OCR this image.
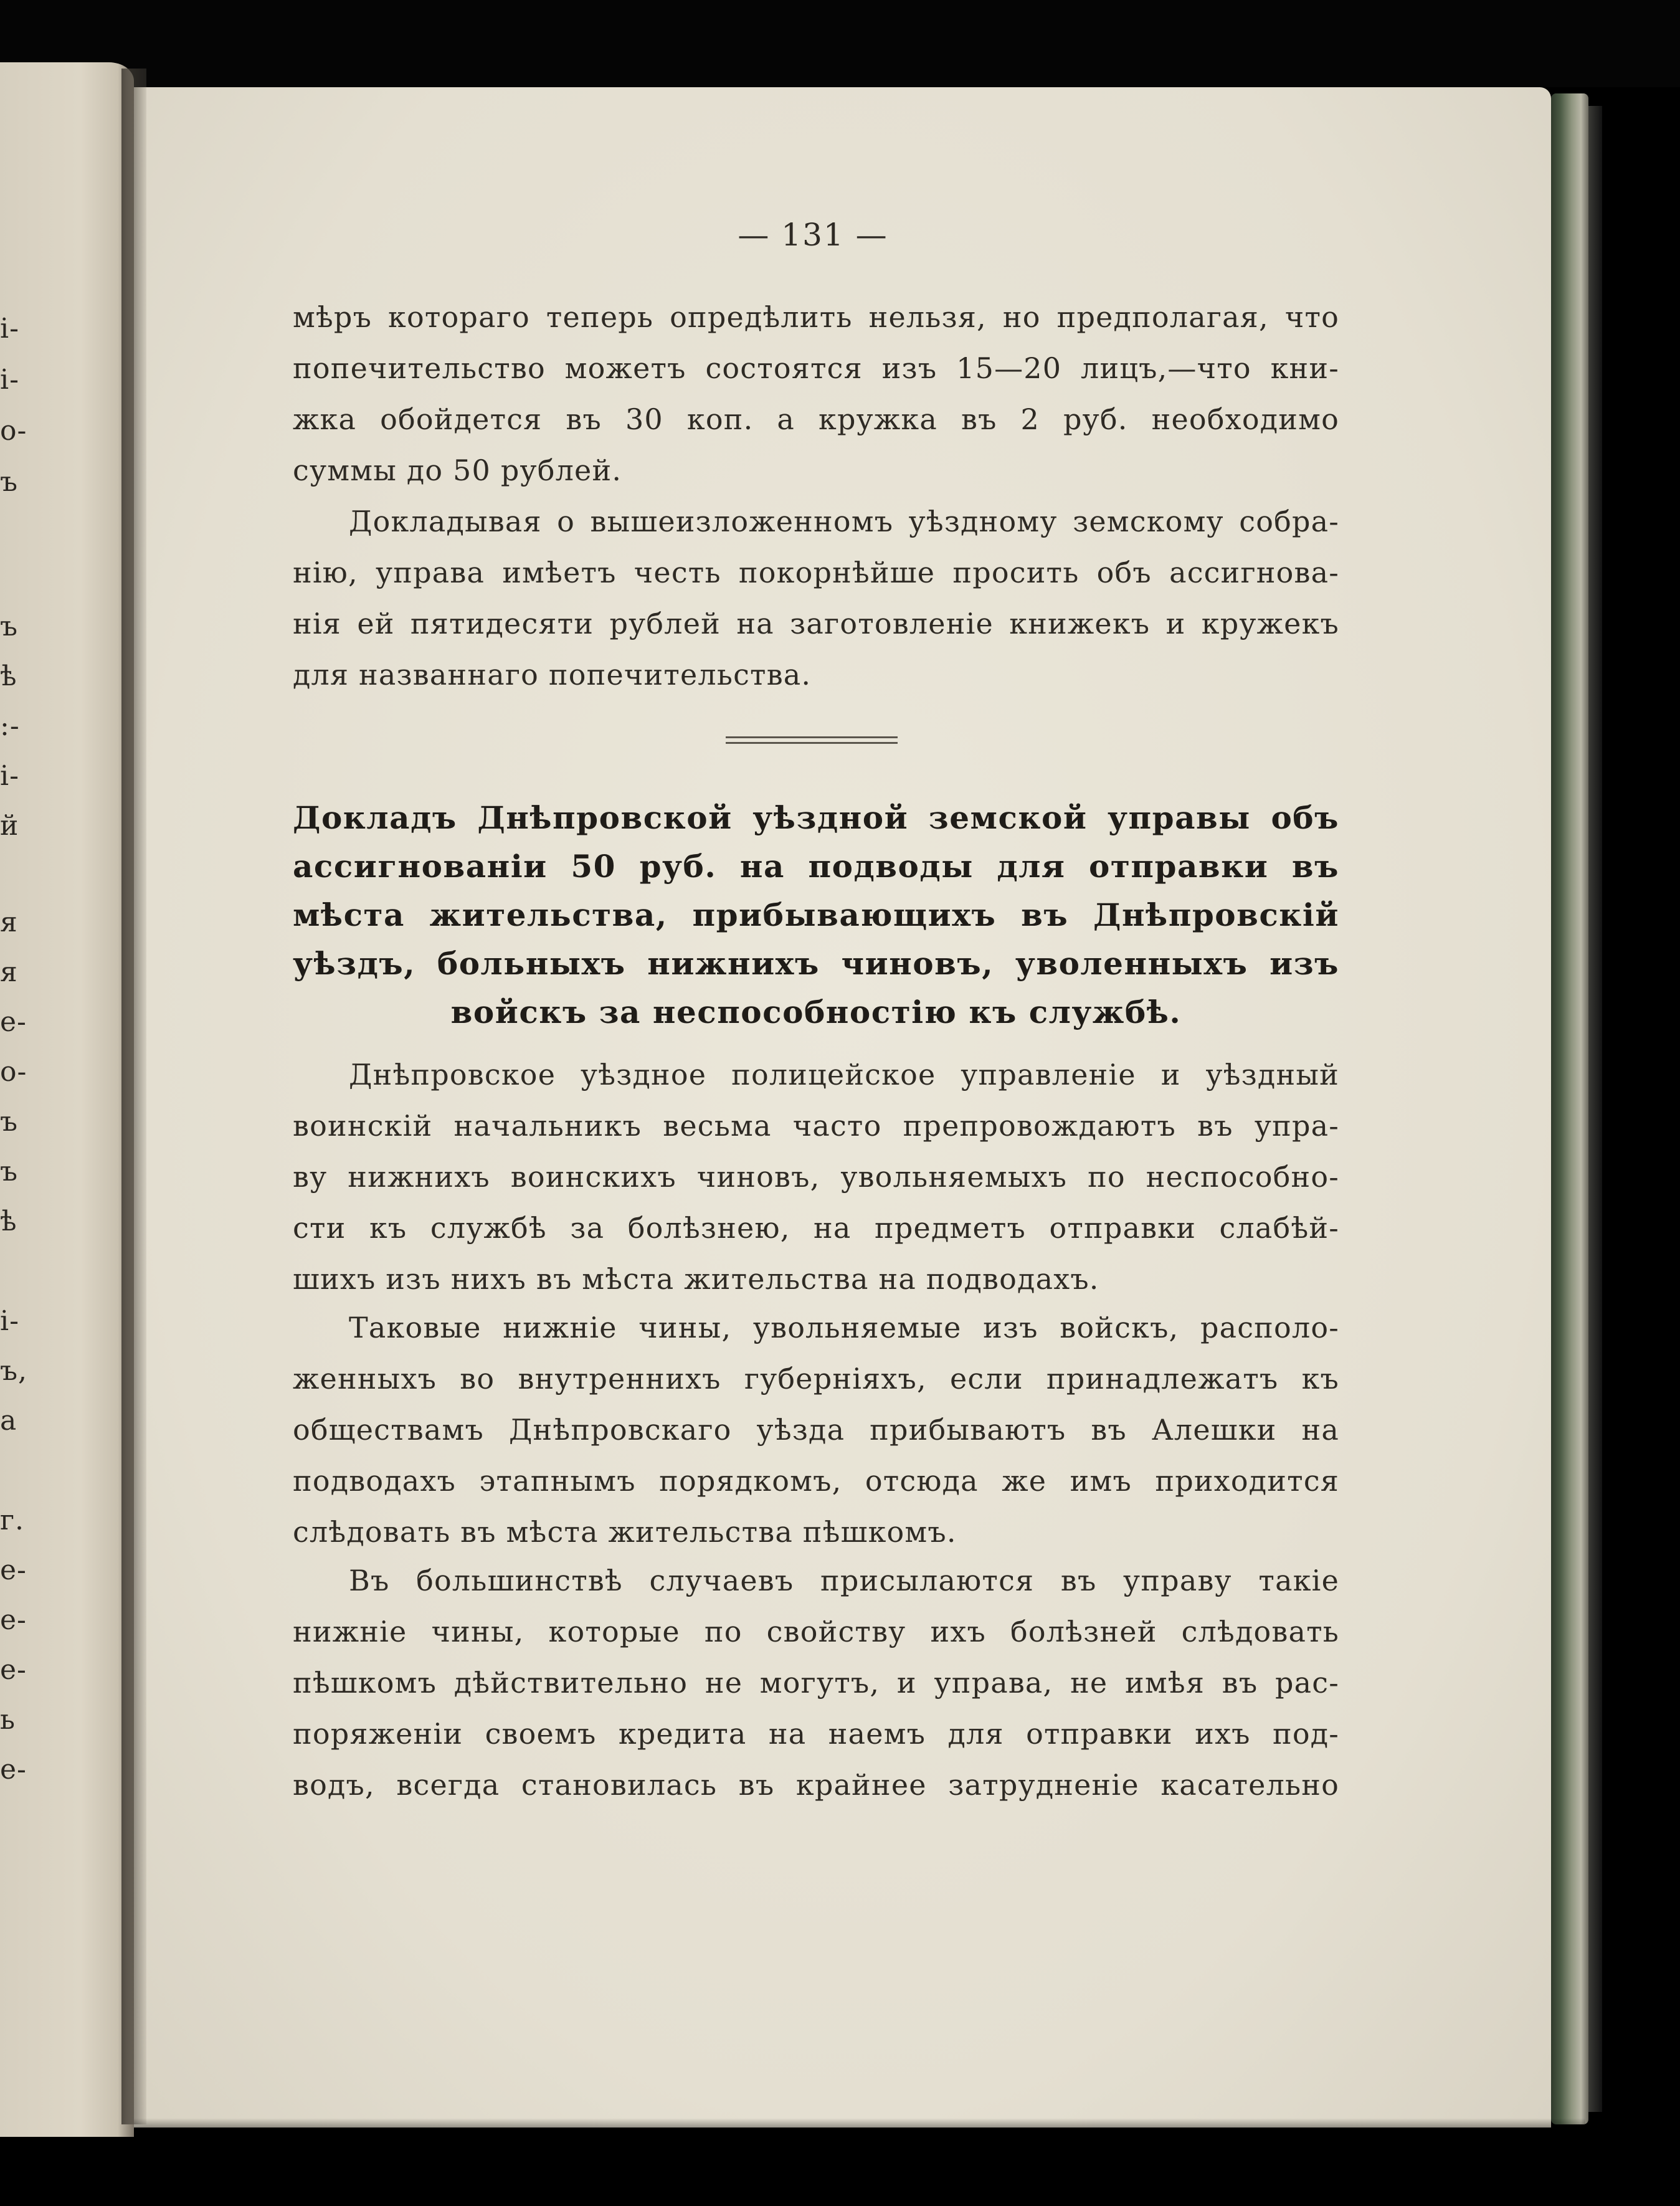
і-
і-
о-
ъ
ъ
ѣ
:-
і-
й
я
я
е-
о-
ъ
ъ
ѣ
і-
ъ,
а
г.
е-
е-
е-
ь
е-
— 131 —
мѣръ котораго теперь опредѣлить нельзя, но предполагая, что
попечительство можетъ состоятся изъ 15—20 лицъ,—что кни-
жка обойдется въ 30 коп. а кружка въ 2 руб. необходимо
суммы до 50 рублей.
Докладывая о вышеизложенномъ уѣздному земскому собра-
нію, управа имѣетъ честь покорнѣйше просить объ ассигнова-
нія ей пятидесяти рублей на заготовленіе книжекъ и кружекъ
для названнаго попечительства.
Докладъ Днѣпровской уѣздной земской управы объ
ассигнованіи 50 руб. на подводы для отправки въ
мѣста жительства, прибывающихъ въ Днѣпровскій
уѣздъ, больныхъ нижнихъ чиновъ, уволенныхъ изъ
войскъ за неспособностію къ службѣ.
Днѣпровское уѣздное полицейское управленіе и уѣздный
воинскій начальникъ весьма часто препровождаютъ въ упра-
ву нижнихъ воинскихъ чиновъ, увольняемыхъ по неспособно-
сти къ службѣ за болѣзнею, на предметъ отправки слабѣй-
шихъ изъ нихъ въ мѣста жительства на подводахъ.
Таковые нижніе чины, увольняемые изъ войскъ, располо-
женныхъ во внутреннихъ губерніяхъ, если принадлежатъ къ
обществамъ Днѣпровскаго уѣзда прибываютъ въ Алешки на
подводахъ этапнымъ порядкомъ, отсюда же имъ приходится
слѣдовать въ мѣста жительства пѣшкомъ.
Въ большинствѣ случаевъ присылаются въ управу такіе
нижніе чины, которые по свойству ихъ болѣзней слѣдовать
пѣшкомъ дѣйствительно не могутъ, и управа, не имѣя въ рас-
поряженіи своемъ кредита на наемъ для отправки ихъ под-
водъ, всегда становилась въ крайнее затрудненіе касательно
